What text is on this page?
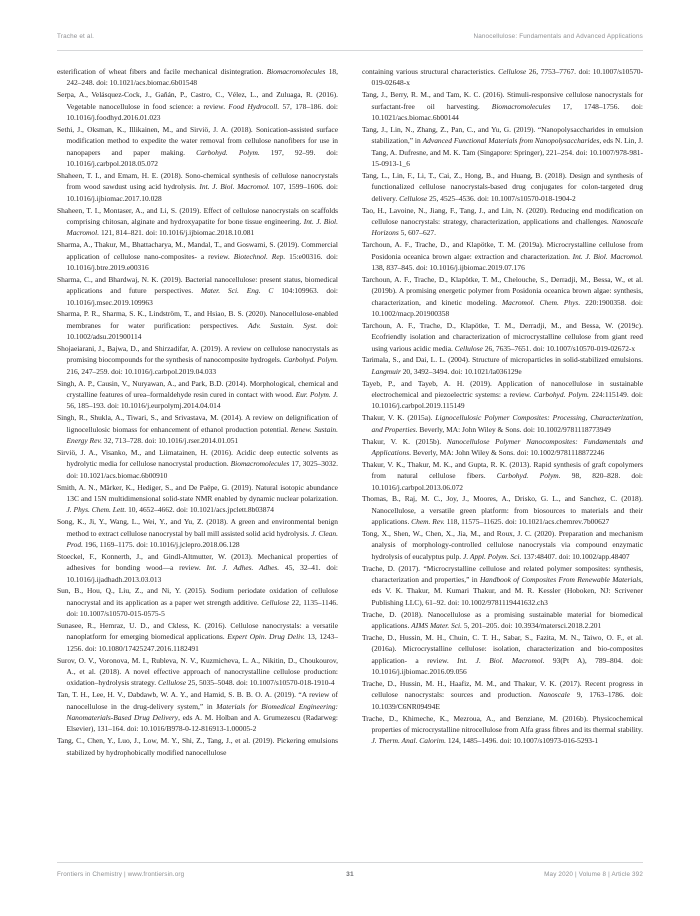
Trache et al.	Nanocellulose: Fundamentals and Advanced Applications

esterification of wheat fibers and facile mechanical disintegration. Biomacromolecules 18, 242–248. doi: 10.1021/acs.biomac.6b01548

Serpa, A., Velásquez-Cock, J., Gañán, P., Castro, C., Vélez, L., and Zuluaga, R. (2016). Vegetable nanocellulose in food science: a review. Food Hydrocoll. 57, 178–186. doi: 10.1016/j.foodhyd.2016.01.023

Sethi, J., Oksman, K., Illikainen, M., and Sirviö, J. A. (2018). Sonication-assisted surface modification method to expedite the water removal from cellulose nanofibers for use in nanopapers and paper making. Carbohyd. Polym. 197, 92–99. doi: 10.1016/j.carbpol.2018.05.072

Shaheen, T. I., and Emam, H. E. (2018). Sono-chemical synthesis of cellulose nanocrystals from wood sawdust using acid hydrolysis. Int. J. Biol. Macromol. 107, 1599–1606. doi: 10.1016/j.ijbiomac.2017.10.028

Shaheen, T. I., Montaser, A., and Li, S. (2019). Effect of cellulose nanocrystals on scaffolds comprising chitosan, alginate and hydroxyapatite for bone tissue engineering. Int. J. Biol. Macromol. 121, 814–821. doi: 10.1016/j.ijbiomac.2018.10.081

Sharma, A., Thakur, M., Bhattacharya, M., Mandal, T., and Goswami, S. (2019). Commercial application of cellulose nano-composites- a review. Biotechnol. Rep. 15:e00316. doi: 10.1016/j.btre.2019.e00316

Sharma, C., and Bhardwaj, N. K. (2019). Bacterial nanocellulose: present status, biomedical applications and future perspectives. Mater. Sci. Eng. C 104:109963. doi: 10.1016/j.msec.2019.109963

Sharma, P. R., Sharma, S. K., Lindström, T., and Hsiao, B. S. (2020). Nanocellulose-enabled membranes for water purification: perspectives. Adv. Sustain. Syst. doi: 10.1002/adsu.201900114

Shojaeiarani, J., Bajwa, D., and Shirzadifar, A. (2019). A review on cellulose nanocrystals as promising biocompounds for the synthesis of nanocomposite hydrogels. Carbohyd. Polym. 216, 247–259. doi: 10.1016/j.carbpol.2019.04.033

Singh, A. P., Causin, V., Nuryawan, A., and Park, B.D. (2014). Morphological, chemical and crystalline features of urea–formaldehyde resin cured in contact with wood. Eur. Polym. J. 56, 185–193. doi: 10.1016/j.eurpolymj.2014.04.014

Singh, R., Shukla, A., Tiwari, S., and Srivastava, M. (2014). A review on delignification of lignocellulosic biomass for enhancement of ethanol production potential. Renew. Sustain. Energy Rev. 32, 713–728. doi: 10.1016/j.rser.2014.01.051

Sirviö, J. A., Visanko, M., and Liimatainen, H. (2016). Acidic deep eutectic solvents as hydrolytic media for cellulose nanocrystal production. Biomacromolecules 17, 3025–3032. doi: 10.1021/acs.biomac.6b00910

Smith, A. N., Märker, K., Hediger, S., and De Paëpe, G. (2019). Natural isotopic abundance 13C and 15N multidimensional solid-state NMR enabled by dynamic nuclear polarization. J. Phys. Chem. Lett. 10, 4652–4662. doi: 10.1021/acs.jpclett.8b03874

Song, K., Ji, Y., Wang, L., Wei, Y., and Yu, Z. (2018). A green and environmental benign method to extract cellulose nanocrystal by ball mill assisted solid acid hydrolysis. J. Clean. Prod. 196, 1169–1175. doi: 10.1016/j.jclepro.2018.06.128

Stoeckel, F., Konnerth, J., and Gindl-Altmutter, W. (2013). Mechanical properties of adhesives for bonding wood—a review. Int. J. Adhes. Adhes. 45, 32–41. doi: 10.1016/j.ijadhadh.2013.03.013

Sun, B., Hou, Q., Liu, Z., and Ni, Y. (2015). Sodium periodate oxidation of cellulose nanocrystal and its application as a paper wet strength additive. Cellulose 22, 1135–1146. doi: 10.1007/s10570-015-0575-5

Sunasee, R., Hemraz, U. D., and Ckless, K. (2016). Cellulose nanocrystals: a versatile nanoplatform for emerging biomedical applications. Expert Opin. Drug Deliv. 13, 1243–1256. doi: 10.1080/17425247.2016.1182491

Surov, O. V., Voronova, M. I., Rubleva, N. V., Kuzmicheva, L. A., Nikitin, D., Choukourov, A., et al. (2018). A novel effective approach of nanocrystalline cellulose production: oxidation–hydrolysis strategy. Cellulose 25, 5035–5048. doi: 10.1007/s10570-018-1910-4

Tan, T. H., Lee, H. V., Dabdawb, W. A. Y., and Hamid, S. B. B. O. A. (2019). “A review of nanocellulose in the drug-delivery system,” in Materials for Biomedical Engineering: Nanomaterials-Based Drug Delivery, eds A. M. Holban and A. Grumezescu (Radarweg: Elsevier), 131–164. doi: 10.1016/B978-0-12-816913-1.00005-2

Tang, C., Chen, Y., Luo, J., Low, M. Y., Shi, Z., Tang, J., et al. (2019). Pickering emulsions stabilized by hydrophobically modified nanocellulose

containing various structural characteristics. Cellulose 26, 7753–7767. doi: 10.1007/s10570-019-02648-x

Tang, J., Berry, R. M., and Tam, K. C. (2016). Stimuli-responsive cellulose nanocrystals for surfactant-free oil harvesting. Biomacromolecules 17, 1748–1756. doi: 10.1021/acs.biomac.6b00144

Tang, J., Lin, N., Zhang, Z., Pan, C., and Yu, G. (2019). “Nanopolysaccharides in emulsion stabilization,” in Advanced Functional Materials from Nanopolysaccharides, eds N. Lin, J. Tang, A. Dufresne, and M. K. Tam (Singapore: Springer), 221–254. doi: 10.1007/978-981-15-0913-1_6

Tang, L., Lin, F., Li, T., Cai, Z., Hong, B., and Huang, B. (2018). Design and synthesis of functionalized cellulose nanocrystals-based drug conjugates for colon-targeted drug delivery. Cellulose 25, 4525–4536. doi: 10.1007/s10570-018-1904-2

Tao, H., Lavoine, N., Jiang, F., Tang, J., and Lin, N. (2020). Reducing end modification on cellulose nanocrystals: strategy, characterization, applications and challenges. Nanoscale Horizons 5, 607–627.

Tarchoun, A. F., Trache, D., and Klapötke, T. M. (2019a). Microcrystalline cellulose from Posidonia oceanica brown algae: extraction and characterization. Int. J. Biol. Macromol. 138, 837–845. doi: 10.1016/j.ijbiomac.2019.07.176

Tarchoun, A. F., Trache, D., Klapötke, T. M., Chelouche, S., Derradji, M., Bessa, W., et al. (2019b). A promising energetic polymer from Posidonia oceanica brown algae: synthesis, characterization, and kinetic modeling. Macromol. Chem. Phys. 220:1900358. doi: 10.1002/macp.201900358

Tarchoun, A. F., Trache, D., Klapötke, T. M., Derradji, M., and Bessa, W. (2019c). Ecofriendly isolation and characterization of microcrystalline cellulose from giant reed using various acidic media. Cellulose 26, 7635–7651. doi: 10.1007/s10570-019-02672-x

Tarimala, S., and Dai, L. L. (2004). Structure of microparticles in solid-stabilized emulsions. Langmuir 20, 3492–3494. doi: 10.1021/la036129e

Tayeb, P., and Tayeb, A. H. (2019). Application of nanocellulose in sustainable electrochemical and piezoelectric systems: a review. Carbohyd. Polym. 224:115149. doi: 10.1016/j.carbpol.2019.115149

Thakur, V. K. (2015a). Lignocellulosic Polymer Composites: Processing, Characterization, and Properties. Beverly, MA: John Wiley & Sons. doi: 10.1002/9781118773949

Thakur, V. K. (2015b). Nanocellulose Polymer Nanocomposites: Fundamentals and Applications. Beverly, MA: John Wiley & Sons. doi: 10.1002/9781118872246

Thakur, V. K., Thakur, M. K., and Gupta, R. K. (2013). Rapid synthesis of graft copolymers from natural cellulose fibers. Carbohyd. Polym. 98, 820–828. doi: 10.1016/j.carbpol.2013.06.072

Thomas, B., Raj, M. C., Joy, J., Moores, A., Drisko, G. L., and Sanchez, C. (2018). Nanocellulose, a versatile green platform: from biosources to materials and their applications. Chem. Rev. 118, 11575–11625. doi: 10.1021/acs.chemrev.7b00627

Tong, X., Shen, W., Chen, X., Jia, M., and Roux, J. C. (2020). Preparation and mechanism analysis of morphology-controlled cellulose nanocrystals via compound enzymatic hydrolysis of eucalyptus pulp. J. Appl. Polym. Sci. 137:48407. doi: 10.1002/app.48407

Trache, D. (2017). “Microcrystalline cellulose and related polymer somposites: synthesis, characterization and properties,” in Handbook of Composites From Renewable Materials, eds V. K. Thakur, M. Kumari Thakur, and M. R. Kessler (Hoboken, NJ: Scrivener Publishing LLC), 61–92. doi: 10.1002/9781119441632.ch3

Trache, D. (2018). Nanocellulose as a promising sustainable material for biomedical applications. AIMS Mater. Sci. 5, 201–205. doi: 10.3934/matersci.2018.2.201

Trache, D., Hussin, M. H., Chuin, C. T. H., Sabar, S., Fazita, M. N., Taiwo, O. F., et al. (2016a). Microcrystalline cellulose: isolation, characterization and bio-composites application- a review. Int. J. Biol. Macromol. 93(Pt A), 789–804. doi: 10.1016/j.ijbiomac.2016.09.056

Trache, D., Hussin, M. H., Haafiz, M. M., and Thakur, V. K. (2017). Recent progress in cellulose nanocrystals: sources and production. Nanoscale 9, 1763–1786. doi: 10.1039/C6NR09494E

Trache, D., Khimeche, K., Mezroua, A., and Benziane, M. (2016b). Physicochemical properties of microcrystalline nitrocellulose from Alfa grass fibres and its thermal stability. J. Therm. Anal. Calorim. 124, 1485–1496. doi: 10.1007/s10973-016-5293-1

Frontiers in Chemistry | www.frontiersin.org	31	May 2020 | Volume 8 | Article 392
